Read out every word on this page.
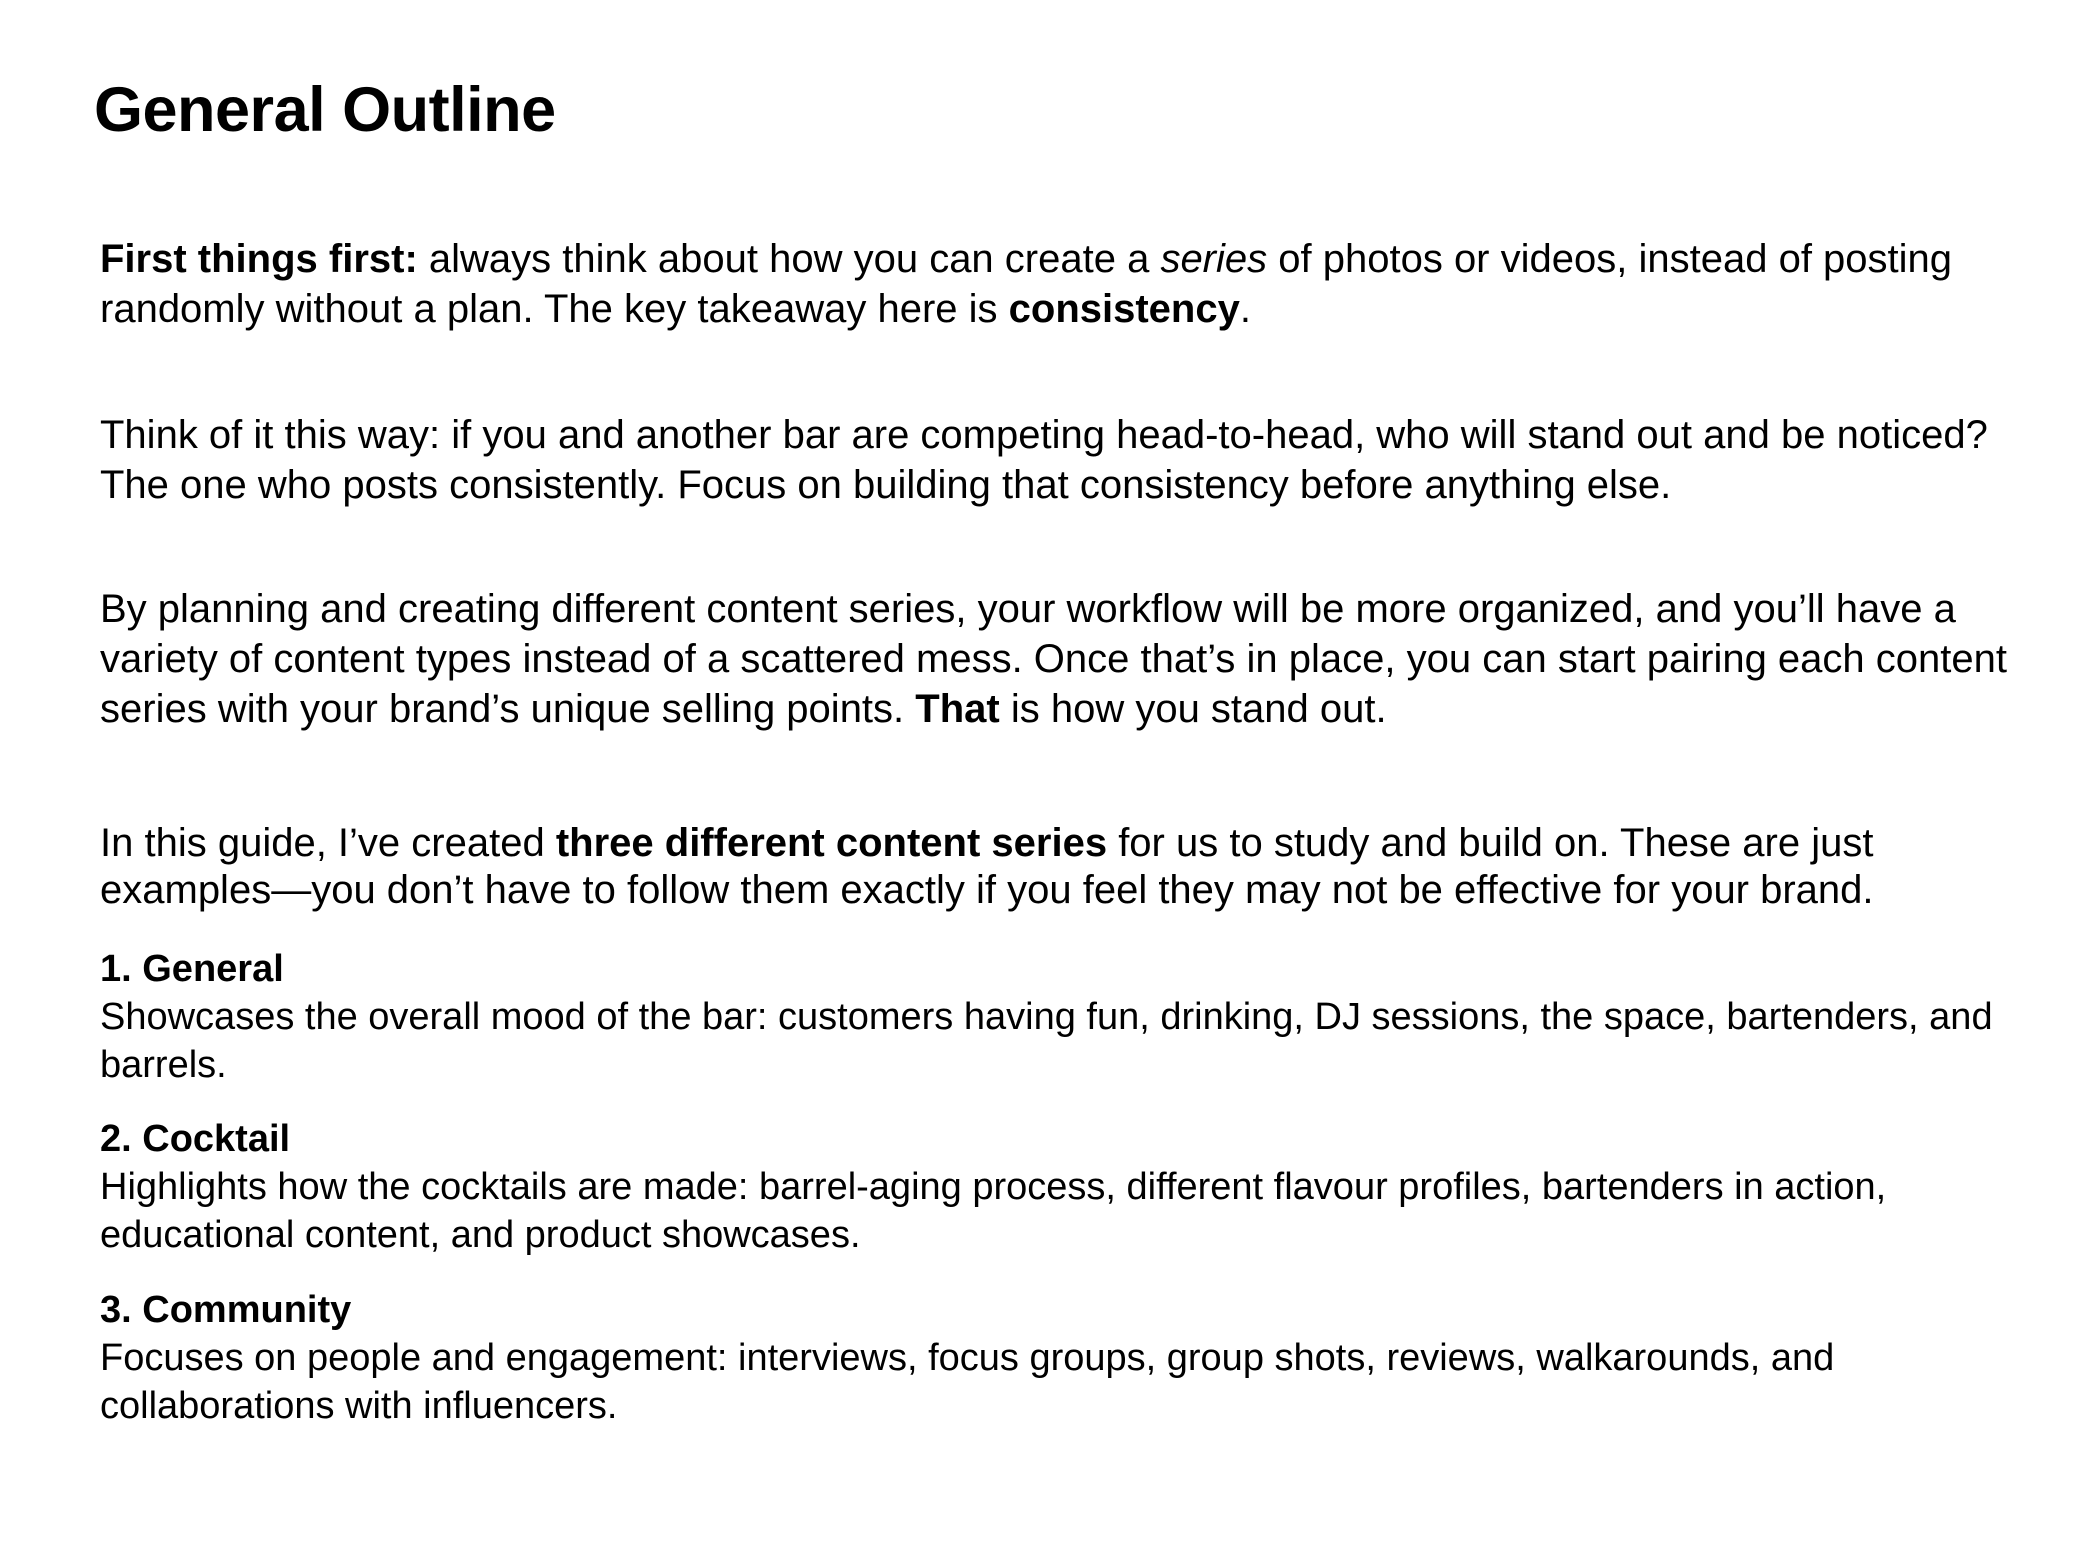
General Outline

First things first: always think about how you can create a series of photos or videos, instead of posting randomly without a plan. The key takeaway here is consistency.

Think of it this way: if you and another bar are competing head-to-head, who will stand out and be noticed? The one who posts consistently. Focus on building that consistency before anything else.

By planning and creating different content series, your workflow will be more organized, and you’ll have a variety of content types instead of a scattered mess. Once that’s in place, you can start pairing each content series with your brand’s unique selling points. That is how you stand out.

In this guide, I’ve created three different content series for us to study and build on. These are just examples—you don’t have to follow them exactly if you feel they may not be effective for your brand.

1. General
Showcases the overall mood of the bar: customers having fun, drinking, DJ sessions, the space, bartenders, and barrels.
2. Cocktail
Highlights how the cocktails are made: barrel-aging process, different flavour profiles, bartenders in action, educational content, and product showcases.
3. Community
Focuses on people and engagement: interviews, focus groups, group shots, reviews, walkarounds, and collaborations with influencers.
